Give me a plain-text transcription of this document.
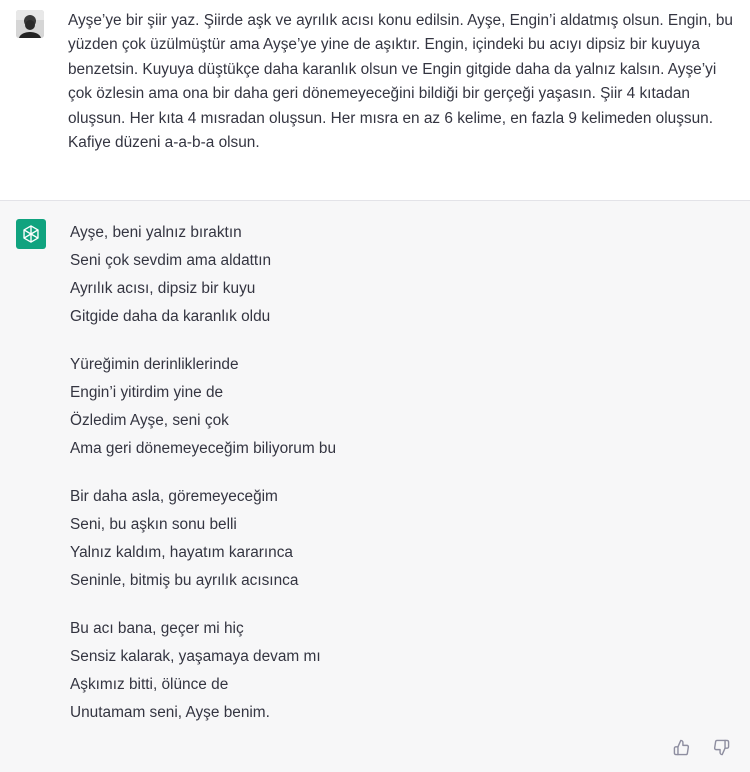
Ayşe’ye bir şiir yaz. Şiirde aşk ve ayrılık acısı konu edilsin. Ayşe, Engin’i aldatmış olsun. Engin, bu yüzden çok üzülmüştür ama Ayşe’ye yine de aşıktır. Engin, içindeki bu acıyı dipsiz bir kuyuya benzetsin. Kuyuya düştükçe daha karanlık olsun ve Engin gitgide daha da yalnız kalsın. Ayşe’yi çok özlesin ama ona bir daha geri dönemeyeceğini bildiği bir gerçeği yaşasın. Şiir 4 kıtadan oluşsun. Her kıta 4 mısradan oluşsun. Her mısra en az 6 kelime, en fazla 9 kelimeden oluşsun. Kafiye düzeni a-a-b-a olsun.

Ayşe, beni yalnız bıraktın
Seni çok sevdim ama aldattın
Ayrılık acısı, dipsiz bir kuyu
Gitgide daha da karanlık oldu
Yüreğimin derinliklerinde
Engin’i yitirdim yine de
Özledim Ayşe, seni çok
Ama geri dönemeyeceğim biliyorum bu
Bir daha asla, göremeyeceğim
Seni, bu aşkın sonu belli
Yalnız kaldım, hayatım kararınca
Seninle, bitmiş bu ayrılık acısınca
Bu acı bana, geçer mi hiç
Sensiz kalarak, yaşamaya devam mı
Aşkımız bitti, ölünce de
Unutamam seni, Ayşe benim.
